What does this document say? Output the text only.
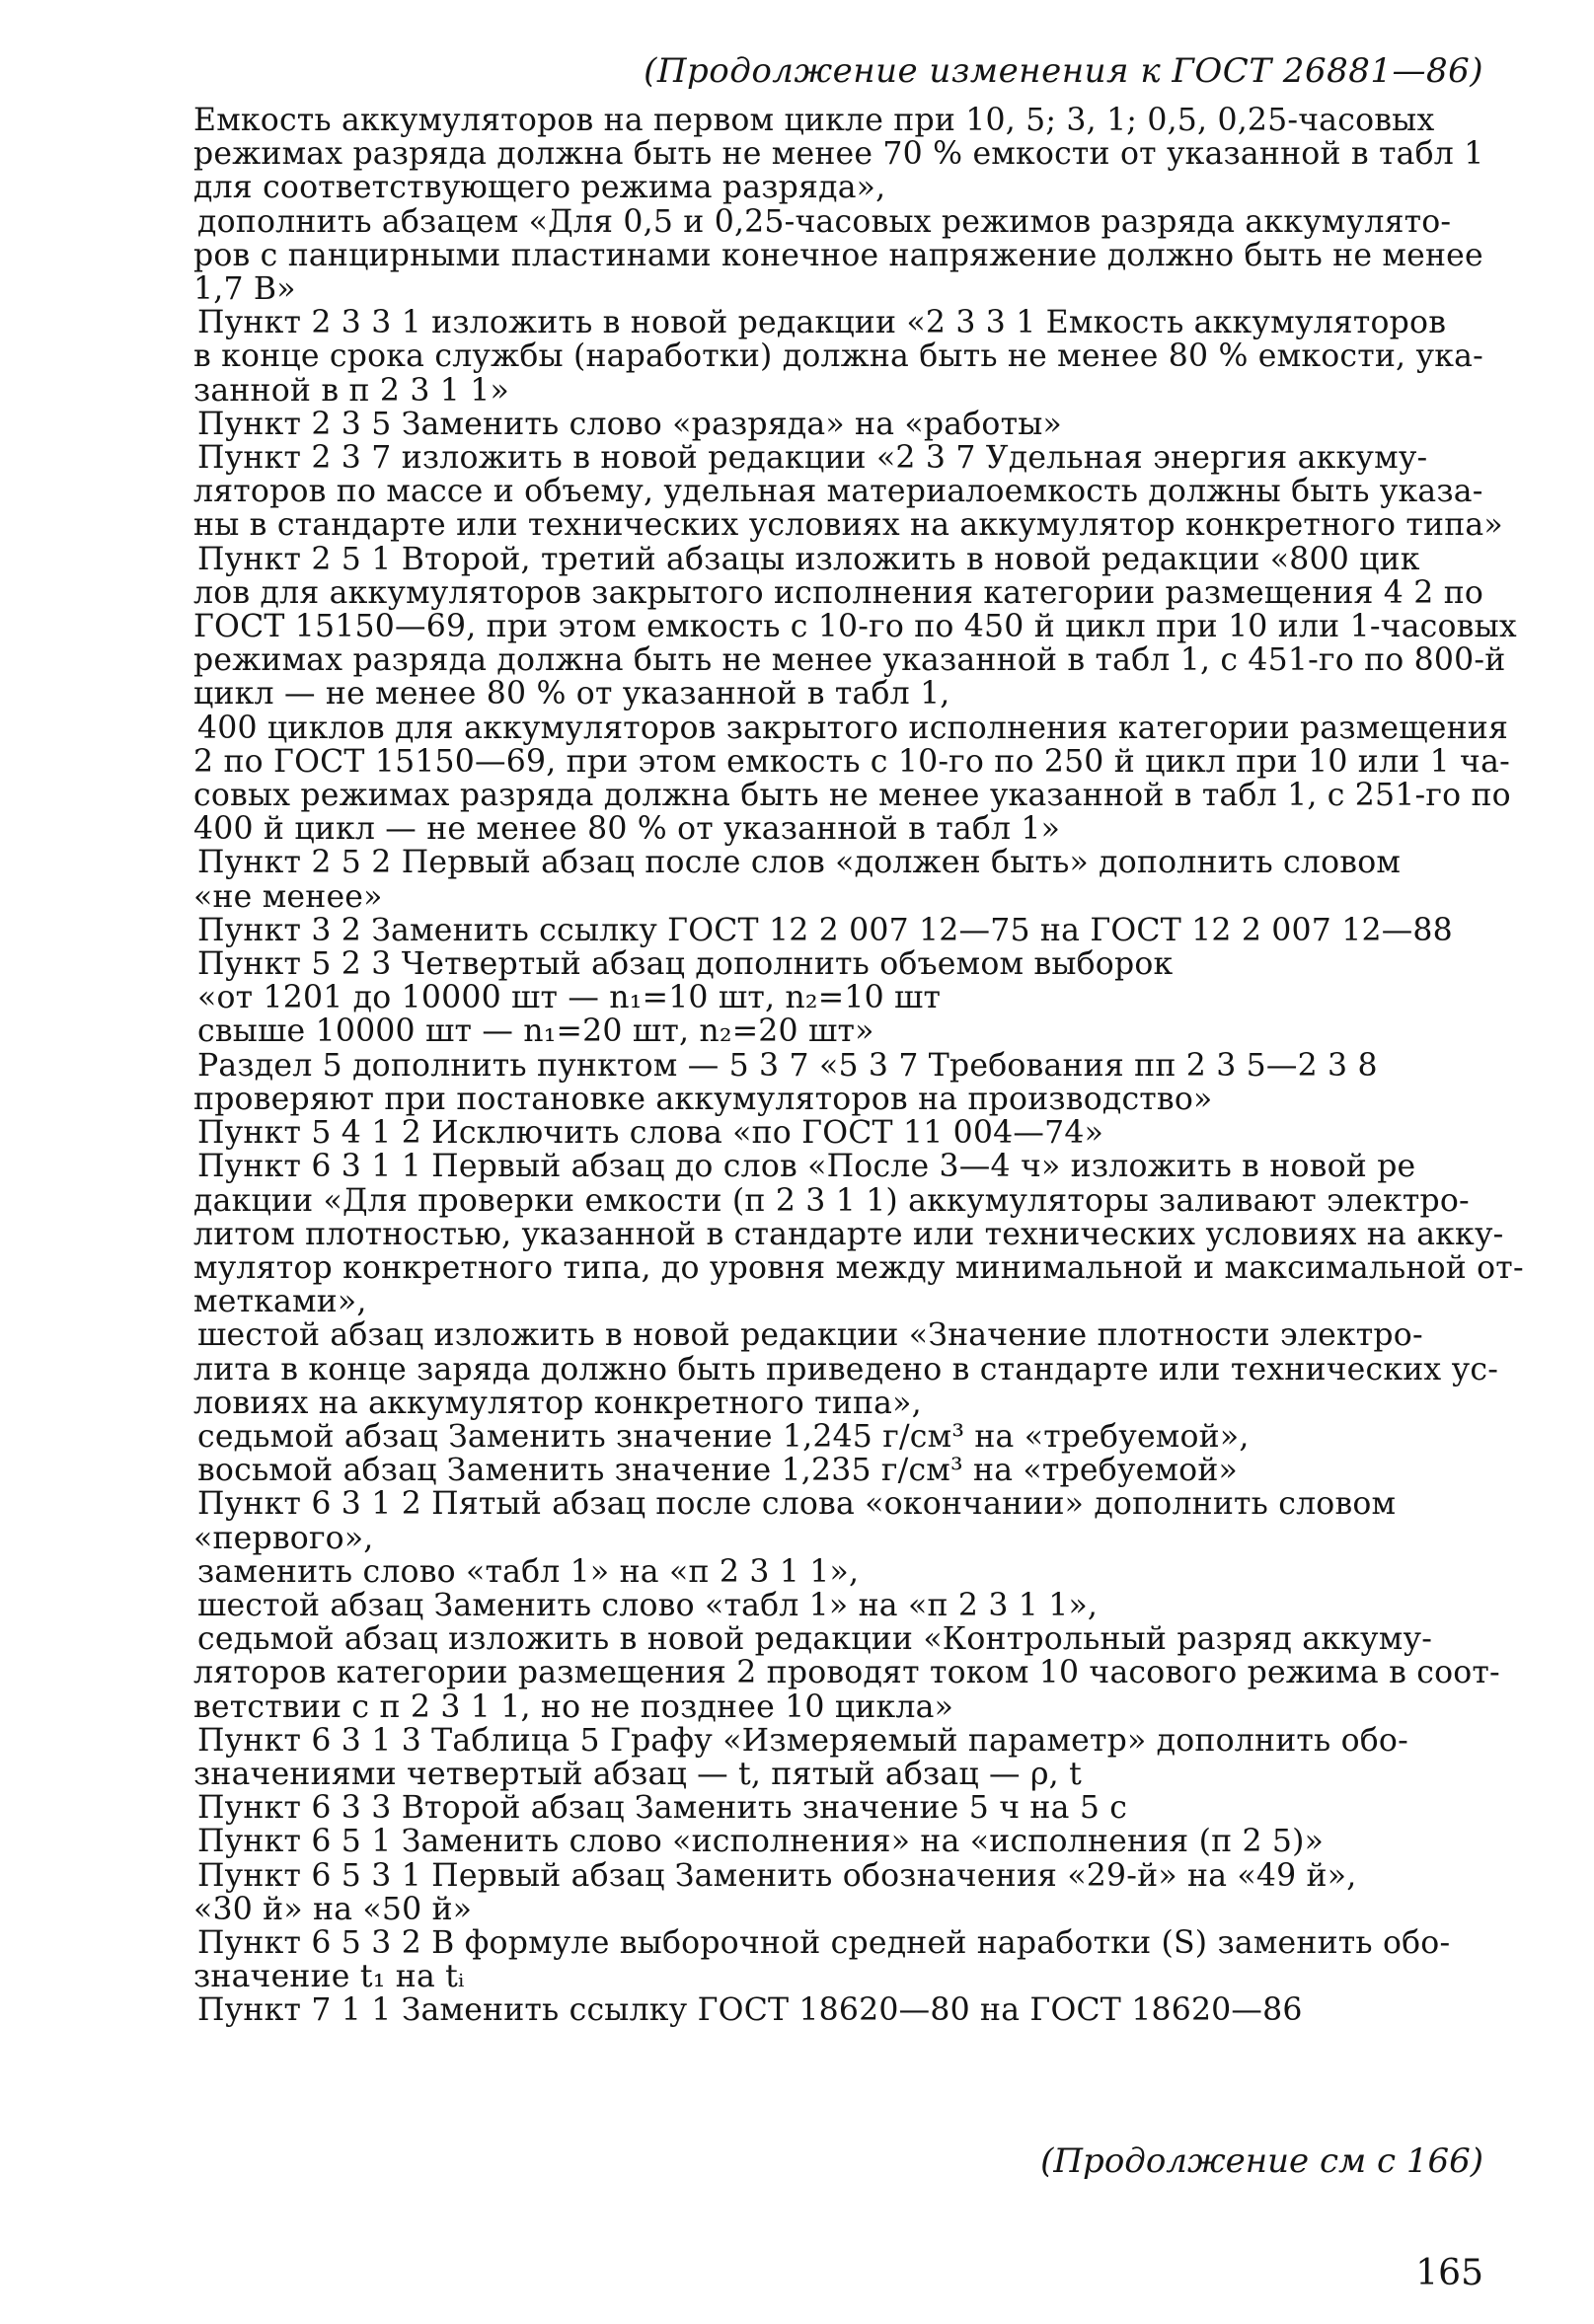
(Продолжение изменения к ГОСТ 26881—86)
Емкость аккумуляторов на первом цикле при 10, 5; 3, 1; 0,5, 0,25-часовых
режимах разряда должна быть не менее 70 % емкости от указанной в табл 1
для соответствующего режима разряда»,
дополнить абзацем «Для 0,5 и 0,25-часовых режимов разряда аккумулято-
ров с панцирными пластинами конечное напряжение должно быть не менее
1,7 В»
Пункт 2 3 3 1 изложить в новой редакции «2 3 3 1 Емкость аккумуляторов
в конце срока службы (наработки) должна быть не менее 80 % емкости, ука-
занной в п 2 3 1 1»
Пункт 2 3 5 Заменить слово «разряда» на «работы»
Пункт 2 3 7 изложить в новой редакции «2 3 7 Удельная энергия аккуму-
ляторов по массе и объему, удельная материалоемкость должны быть указа-
ны в стандарте или технических условиях на аккумулятор конкретного типа»
Пункт 2 5 1 Второй, третий абзацы изложить в новой редакции «800 цик
лов для аккумуляторов закрытого исполнения категории размещения 4 2 по
ГОСТ 15150—69, при этом емкость с 10-го по 450 й цикл при 10 или 1-часовых
режимах разряда должна быть не менее указанной в табл 1, с 451-го по 800-й
цикл — не менее 80 % от указанной в табл 1,
400 циклов для аккумуляторов закрытого исполнения категории размещения
2 по ГОСТ 15150—69, при этом емкость с 10-го по 250 й цикл при 10 или 1 ча-
совых режимах разряда должна быть не менее указанной в табл 1, с 251-го по
400 й цикл — не менее 80 % от указанной в табл 1»
Пункт 2 5 2 Первый абзац после слов «должен быть» дополнить словом
«не менее»
Пункт 3 2 Заменить ссылку ГОСТ 12 2 007 12—75 на ГОСТ 12 2 007 12—88
Пункт 5 2 3 Четвертый абзац дополнить объемом выборок
«от 1201 до 10000 шт — n₁=10 шт, n₂=10 шт
свыше 10000 шт — n₁=20 шт, n₂=20 шт»
Раздел 5 дополнить пунктом — 5 3 7 «5 3 7 Требования пп 2 3 5—2 3 8
проверяют при постановке аккумуляторов на производство»
Пункт 5 4 1 2 Исключить слова «по ГОСТ 11 004—74»
Пункт 6 3 1 1 Первый абзац до слов «После 3—4 ч» изложить в новой ре
дакции «Для проверки емкости (п 2 3 1 1) аккумуляторы заливают электро-
литом плотностью, указанной в стандарте или технических условиях на акку-
мулятор конкретного типа, до уровня между минимальной и максимальной от-
метками»,
шестой абзац изложить в новой редакции «Значение плотности электро-
лита в конце заряда должно быть приведено в стандарте или технических ус-
ловиях на аккумулятор конкретного типа»,
седьмой абзац Заменить значение 1,245 г/см³ на «требуемой»,
восьмой абзац Заменить значение 1,235 г/см³ на «требуемой»
Пункт 6 3 1 2 Пятый абзац после слова «окончании» дополнить словом
«первого»,
заменить слово «табл 1» на «п 2 3 1 1»,
шестой абзац Заменить слово «табл 1» на «п 2 3 1 1»,
седьмой абзац изложить в новой редакции «Контрольный разряд аккуму-
ляторов категории размещения 2 проводят током 10 часового режима в соот-
ветствии с п 2 3 1 1, но не позднее 10 цикла»
Пункт 6 3 1 3 Таблица 5 Графу «Измеряемый параметр» дополнить обо-
значениями четвертый абзац — t, пятый абзац — ρ, t
Пункт 6 3 3 Второй абзац Заменить значение 5 ч на 5 с
Пункт 6 5 1 Заменить слово «исполнения» на «исполнения (п 2 5)»
Пункт 6 5 3 1 Первый абзац Заменить обозначения «29-й» на «49 й»,
«30 й» на «50 й»
Пункт 6 5 3 2 В формуле выборочной средней наработки (S) заменить обо-
значение t₁ на tᵢ
Пункт 7 1 1 Заменить ссылку ГОСТ 18620—80 на ГОСТ 18620—86
(Продолжение см с 166)
165
